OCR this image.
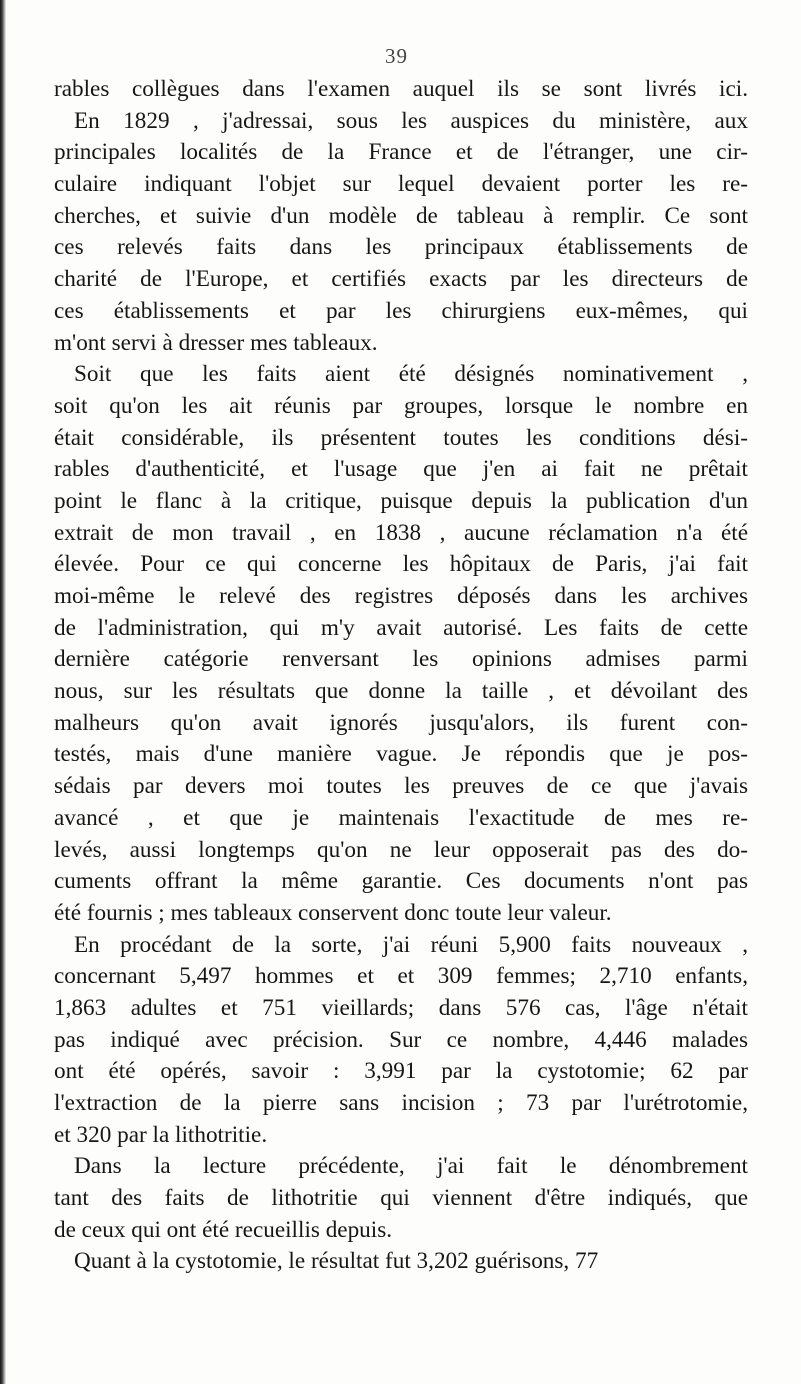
39
rables collègues dans l'examen auquel ils se sont livrés ici.
En 1829 , j'adressai, sous les auspices du ministère, aux
principales localités de la France et de l'étranger, une cir-
culaire indiquant l'objet sur lequel devaient porter les re-
cherches, et suivie d'un modèle de tableau à remplir. Ce sont
ces relevés faits dans les principaux établissements de
charité de l'Europe, et certifiés exacts par les directeurs de
ces établissements et par les chirurgiens eux-mêmes, qui
m'ont servi à dresser mes tableaux.
Soit que les faits aient été désignés nominativement ,
soit qu'on les ait réunis par groupes, lorsque le nombre en
était considérable, ils présentent toutes les conditions dési-
rables d'authenticité, et l'usage que j'en ai fait ne prêtait
point le flanc à la critique, puisque depuis la publication d'un
extrait de mon travail , en 1838 , aucune réclamation n'a été
élevée. Pour ce qui concerne les hôpitaux de Paris, j'ai fait
moi-même le relevé des registres déposés dans les archives
de l'administration, qui m'y avait autorisé. Les faits de cette
dernière catégorie renversant les opinions admises parmi
nous, sur les résultats que donne la taille , et dévoilant des
malheurs qu'on avait ignorés jusqu'alors, ils furent con-
testés, mais d'une manière vague. Je répondis que je pos-
sédais par devers moi toutes les preuves de ce que j'avais
avancé , et que je maintenais l'exactitude de mes re-
levés, aussi longtemps qu'on ne leur opposerait pas des do-
cuments offrant la même garantie. Ces documents n'ont pas
été fournis ; mes tableaux conservent donc toute leur valeur.
En procédant de la sorte, j'ai réuni 5,900 faits nouveaux ,
concernant 5,497 hommes et et 309 femmes; 2,710 enfants,
1,863 adultes et 751 vieillards; dans 576 cas, l'âge n'était
pas indiqué avec précision. Sur ce nombre, 4,446 malades
ont été opérés, savoir : 3,991 par la cystotomie; 62 par
l'extraction de la pierre sans incision ; 73 par l'urétrotomie,
et 320 par la lithotritie.
Dans la lecture précédente, j'ai fait le dénombrement
tant des faits de lithotritie qui viennent d'être indiqués, que
de ceux qui ont été recueillis depuis.
Quant à la cystotomie, le résultat fut 3,202 guérisons, 77
